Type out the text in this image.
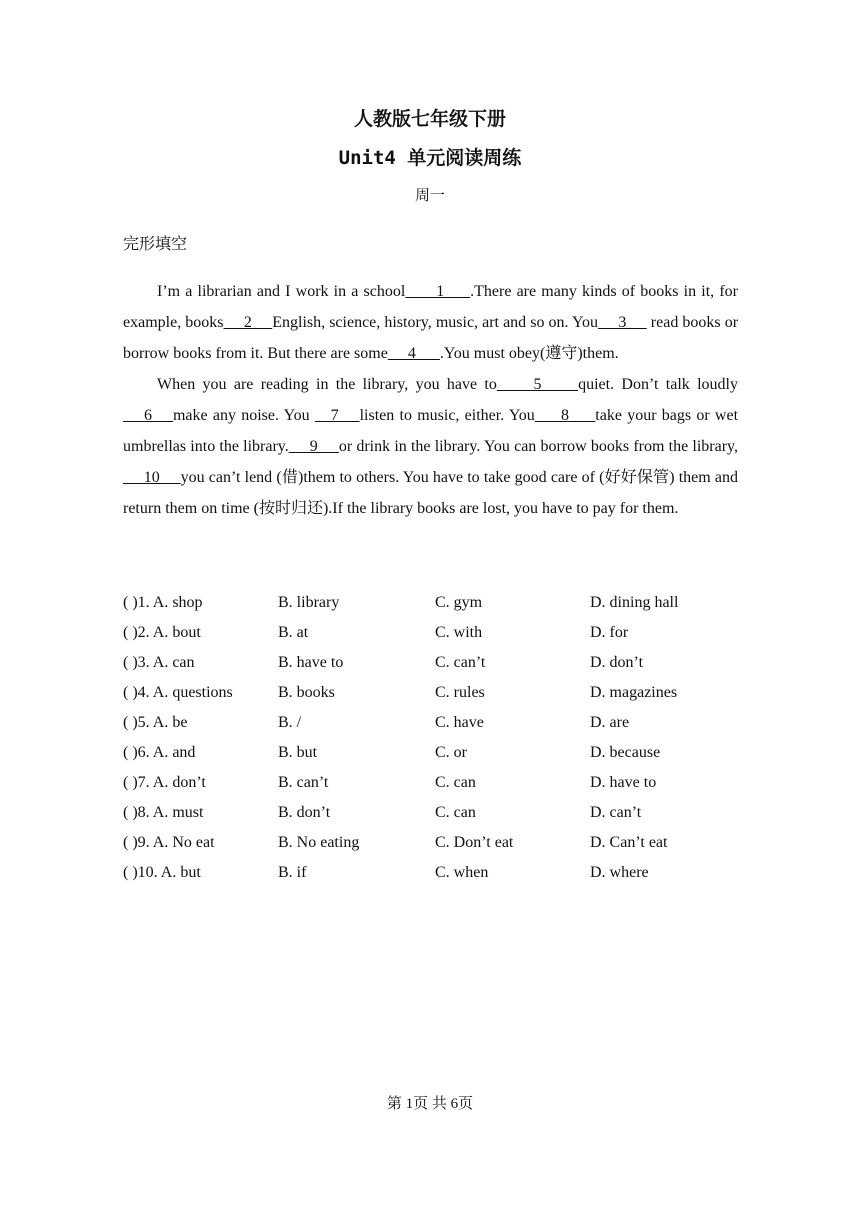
人教版七年级下册
Unit4 单元阅读周练
周一
完形填空

I’m a librarian and I work in a school      1     .There are many kinds of books in it, for example, books     2     English, science, history, music, art and so on. You     3      read books or borrow books from it. But there are some     4      .You must obey(遵守)them.

When you are reading in the library, you have to     5     quiet. Don’t talk loudly    6    make any noise. You    7    listen to music, either. You     8     take your bags or wet umbrellas into the library.     9     or drink in the library. You can borrow books from the library,     10     you can’t lend (借)them to others. You have to take good care of (好好保管) them and return them on time (按时归还).If the library books are lost, you have to pay for them.

( )1. A. shop	B. library	C. gym	D. dining hall
( )2. A. bout	B. at	C. with	D. for
( )3. A. can	B. have to	C. can’t	D. don’t
( )4. A. questions	B. books	C. rules	D. magazines
( )5. A. be	B. /	C. have	D. are
( )6. A. and	B. but	C. or	D. because
( )7. A. don’t	B. can’t	C. can	D. have to
( )8. A. must	B. don’t	C. can	D. can’t
( )9. A. No eat	B. No eating	C. Don’t eat	D. Can’t eat
( )10. A. but	B. if	C. when	D. where
第 1页 共 6页
